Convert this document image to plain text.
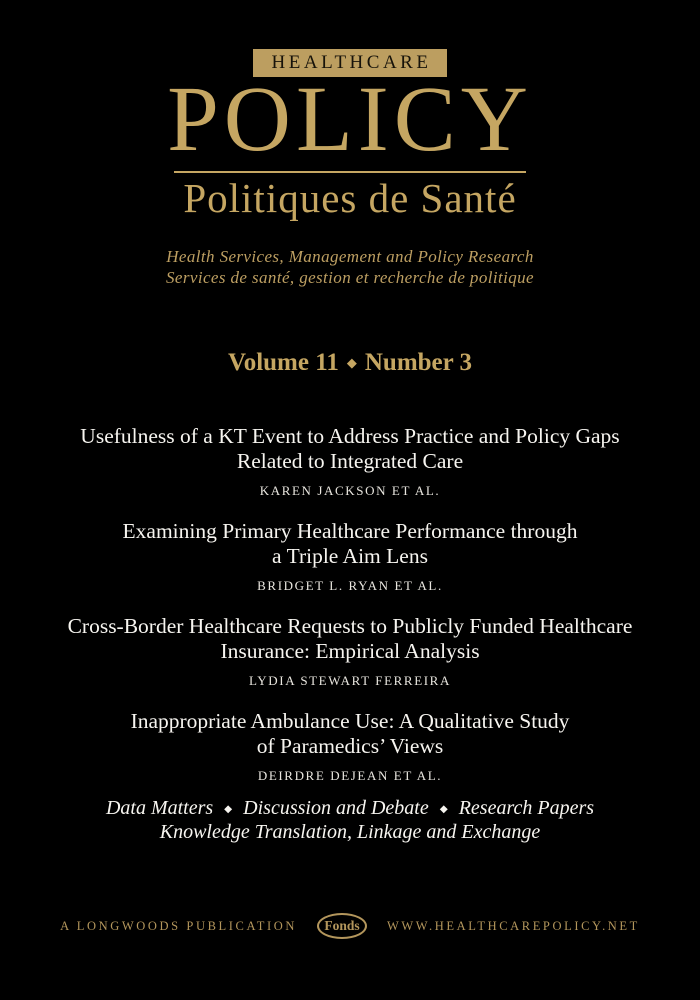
HEALTHCARE
POLICY
Politiques de Santé
Health Services, Management and Policy Research
Services de santé, gestion et recherche de politique
Volume 11 ◆ Number 3
Usefulness of a KT Event to Address Practice and Policy Gaps
Related to Integrated Care
KAREN JACKSON ET AL.
Examining Primary Healthcare Performance through
a Triple Aim Lens
BRIDGET L. RYAN ET AL.
Cross-Border Healthcare Requests to Publicly Funded Healthcare
Insurance: Empirical Analysis
LYDIA STEWART FERREIRA
Inappropriate Ambulance Use: A Qualitative Study
of Paramedics’ Views
DEIRDRE DEJEAN ET AL.
Data Matters ◆ Discussion and Debate ◆ Research Papers
Knowledge Translation, Linkage and Exchange
A LONGWOODS PUBLICATION	Fonds	WWW.HEALTHCAREPOLICY.NET
